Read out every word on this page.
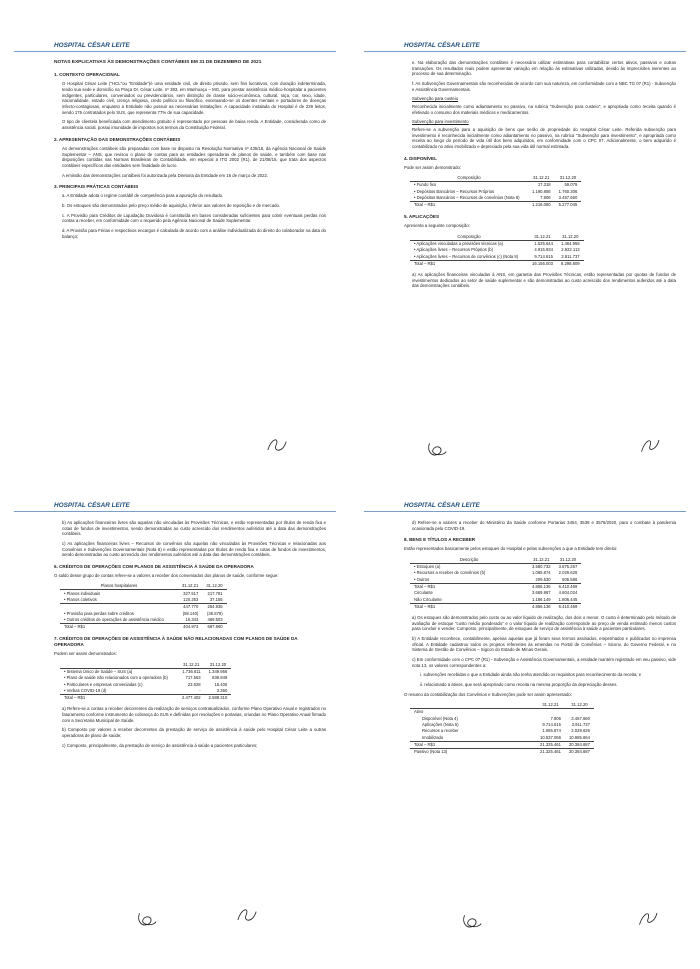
HOSPITAL CÉSAR LEITE
NOTAS EXPLICATIVAS ÀS DEMONSTRAÇÕES CONTÁBEIS EM 31 DE DEZEMBRO DE 2021
1. CONTEXTO OPERACIONAL

O Hospital César Leite ("HCL"ou "Entidade")é uma entidade civil, de direito privado, sem fins lucrativos, com duração indeterminada, tendo sua sede e domicílio na Praça Dr. César Leite, nº 383, em Manhuaçu – MG, para prestar assistência médico-hospitalar a pacientes indigentes, particulares, conveniados ou previdenciários, sem distinção de classe sócio-econômica, cultural, raça, cor, sexo, idade, nacionalidade, estado civil, crença religiosa, credo político ou filosófico, excetuando-se os doentes mentais e portadores de doenças infecto-contagiosas, enquanto a Entidade não possuir as necessárias instalações. A capacidade instalada do Hospital é de 229 leitos, sendo 176 contratados pelo SUS, que representa 77% de sua capacidade.

O tipo de clientela beneficiada com atendimento gratuito é representado por pessoas de baixa renda. A Entidade, considerada como de assistência social, possui imunidade de impostos nos termos da Constituição Federal.

2. APRESENTAÇÃO DAS DEMONSTRAÇÕES CONTÁBEIS

As demonstrações contábeis são preparadas com base no disposto na Resolução Normativa nº 435/18, da Agência Nacional de Saúde Suplementar – ANS, que revisou o plano de contas para as entidades operadoras de planos de saúde, e também com base nas disposições contidas nas Normas Brasileiras de Contabilidade, em especial a ITG 2002 (R1), de 21/08/15, que trata dos aspectos contábeis específicos das entidades sem finalidade de lucro.

A emissão das demonstrações contábeis foi autorizada pela Diretoria da Entidade em 16 de março de 2022.

3. PRINCIPAIS PRÁTICAS CONTÁBEIS

a. A Entidade adota o regime contábil de competência para a apuração do resultado.

b. Os estoques são demonstrados pelo preço médio de aquisição, inferior aos valores de reposição e de mercado.

c. A Provisão para Créditos de Liquidação Duvidosa é constituída em bases consideradas suficientes para cobrir eventuais perdas nos contas a receber, em conformidade com o requerido pela Agência Nacional de Saúde Suplementar.

d. A Provisão para Férias e respectivos encargos é calculada de acordo com a análise individualizada do direito do colaborador na data do balanço;

HOSPITAL CÉSAR LEITE

e. Na elaboração das demonstrações contábeis é necessário utilizar estimativas para contabilizar certos ativos, passivos e outras transações. Os resultados reais podem apresentar variação em relação às estimativas utilizadas, devido às imprecisões inerentes ao processo de sua determinação.

f. As Subvenções Governamentais são reconhecidas de acordo com sua natureza, em conformidade com a NBC TG 07 (R1) - Subvenção e Assistência Governamentais.

Subvenção para custeio

Reconhecida inicialmente como adiantamento no passivo, na rubrica "Subvenção para custeio", e apropriada como receita quando é efetivado o consumo dos materiais médicos e medicamentos.

Subvenção para investimento

Refere-se a subvenção para a aquisição de bens que serão de propriedade do Hospital César Leite. Referida subvenção para investimento é reconhecida inicialmente como adiantamento no passivo, na rubrica "Subvenção para investimento", e apropriada como receita ao longo do período de vida útil dos bens adquiridos, em conformidade com o CPC 07. Adicionalmente, o bem adquirido é contabilizado no ativo imobilizado e depreciado pela sua vida útil normal estimada.

4. DISPONÍVEL

Pode ser assim demonstrado:

Composição	31.12.21	31.12.20
• Fundo fixo	17.318	59.079
• Depósitos Bancários – Recursos Próprios	1.190.856	1.760.306
• Depósitos Bancários – Recursos de convênios (Nota 8)	7.906	3.457.660
Total – R$1	1.216.080	5.277.045
5. APLICAÇÕES

Apresenta a seguinte composição:

Composição	31.12.21	31.12.20
• Aplicações vinculadas a provisões técnicas (a)	1.525.644	1.464.959
• Aplicações livres – Recursos Próprios (b)	4.915.934	2.922.113
• Aplicações livres – Recursos de convênios (c) (Nota 8)	9.714.615	3.911.737
Total – R$1	16.156.003	8.298.809

a) As aplicações financeiras vinculadas à ANS, em garantia das Provisões Técnicas, estão representadas por quotas de fundos de investimentos dedicados ao setor de saúde suplementar e são demonstradas ao custo acrescido dos rendimentos auferidos até a data das demonstrações contábeis.

HOSPITAL CÉSAR LEITE

b) As aplicações financeiras livres são aquelas não vinculadas às Provisões Técnicas, e estão representadas por títulos de renda fixa e cotas de fundos de investimentos, sendo demonstradas ao custo acrescido dos rendimentos auferidos até a data das demonstrações contábeis.

c) As aplicações financeiras livres – Recursos de convênios são aquelas não vinculadas às Provisões Técnicas e relacionadas aos Convênios e Subvenções Governamentais (Nota 8) e estão representadas por títulos de renda fixa e cotas de fundos de investimentos, sendo demonstradas ao custo acrescido dos rendimentos auferidos até a data das demonstrações contábeis.

6. CRÉDITOS DE OPERAÇÕES COM PLANOS DE ASSISTÊNCIA À SAÚDE DA OPERADORA

O saldo desse grupo de contas refere-se a valores a receber dos conveniados dos planos de saúde, conforme segue:

Planos hospitalares	31.12.21	31.12.20
• Planos individuais	327.517	217.781
• Planos coletivos	120.253	37.155
	447.770	254.935
• Provisão para perdas sobre créditos	(59.140)	(36.578)
• Outros créditos de operações de assistência médico	16.343	469.503
Total – R$1	404.973	687.860
7. CRÉDITOS DE OPERAÇÕES DE ASSISTÊNCIA À SAÚDE NÃO RELACIONADAS COM PLANOS DE SAÚDE DA OPERADORA

Podem ser assim demonstrados:

	31.12.21	31.12.20
• Sistema Único de Saúde – SUS (a)	1.736.611	1.349.956
• Plano de saúde não relacionados com a operadora (b)	717.563	839.949
• Particulares e empresas conveniadas (c)	23.628	18.405
• Verbas COVID-19 (d)	-	3.360
Total – R$1	2.477.402	2.588.310

a) Refere-se a contas a receber decorrentes da realização de serviços contratualizados, conforme Plano Operativo Anual e registrados no faturamento conforme instrumento de cobrança do SUS e definidas por resoluções e portarias, oriundas no Plano Operativo Anual firmado com a Secretaria Municipal de Saúde.

b) Composto por valores a receber decorrentes da prestação de serviço de assistência à saúde pelo Hospital César Leite a outras operadoras de plano de saúde;

c) Composto, principalmente, da prestação de serviço de assistência à saúde a pacientes particulares;

HOSPITAL CÉSAR LEITE

d) Refere-se a valores a receber do Ministério da Saúde conforme Portarias 3454, 3538 e 3576/2020, para o combate à pandemia ocasionada pelo COVID-19.

8. BENS E TÍTULOS A RECEBER

Estão representados basicamente pelos estoques do Hospital e pelas subvenções a que a Entidade tem direito:

Descrição	31.12.21	31.12.20
• Estoques (a)	3.580.732	3.875.257
• Recursos a receber de convênios (b)	1.065.874	2.029.626
• Outros	209.530	505.586
Total – R$1	4.856.136	6.410.469
Circulante	3.669.987	4.604.024
Não Circulante	1.186.149	1.806.445
Total – R$1	4.856.136	6.410.469

a) Os estoques são demonstrados pelo custo ou ao valor líquido de realização, dos dois o menor. O custo é determinado pelo método de avaliação de estoque "custo médio ponderado" e o valor líquido de realização corresponde ao preço de venda estimado menos custos para concluir e vender. Composto, principalmente, de estoques de serviço de assistência à saúde a pacientes particulares.

b) A Entidade reconhece, contabilmente, apenas aquelas que já foram seus termos assinados, empenhados e publicados no imprensa oficial. A Entidade cadastrou todos os projetos referentes às emendas no Portal de Convênios – Siconv, do Governo Federal, e no Sistema de Gestão de Convênios – Sigcon do Estado de Minas Gerais.

c) Em conformidade com o CPC 07 (R1) - Subvenção e Assistência Governamentais, a entidade mantém registrado em seu passivo, vide nota 13, os valores correspondentes a:

i. subvenções recebidas e que a Entidade ainda não tenha atendido os requisitos para reconhecimento da receita; e

ii. relacionado a ativos, que será apropriado como receita na mesma proporção da depreciação desses.

O resumo da contabilização dos Convênios e Subvenções pode ser assim apresentado:

	31.12.21	31.12.20
Ativo		
Disponível (Nota 4)	7.906	3.457.660
Aplicações (Nota 5)	9.714.615	3.911.737
Recursos a receber	1.065.874	2.029.626
Imobilizado	10.537.066	10.985.664
Total – R$1	21.325.461	20.384.687
Passivo (Nota 13)	21.325.461	20.384.687
